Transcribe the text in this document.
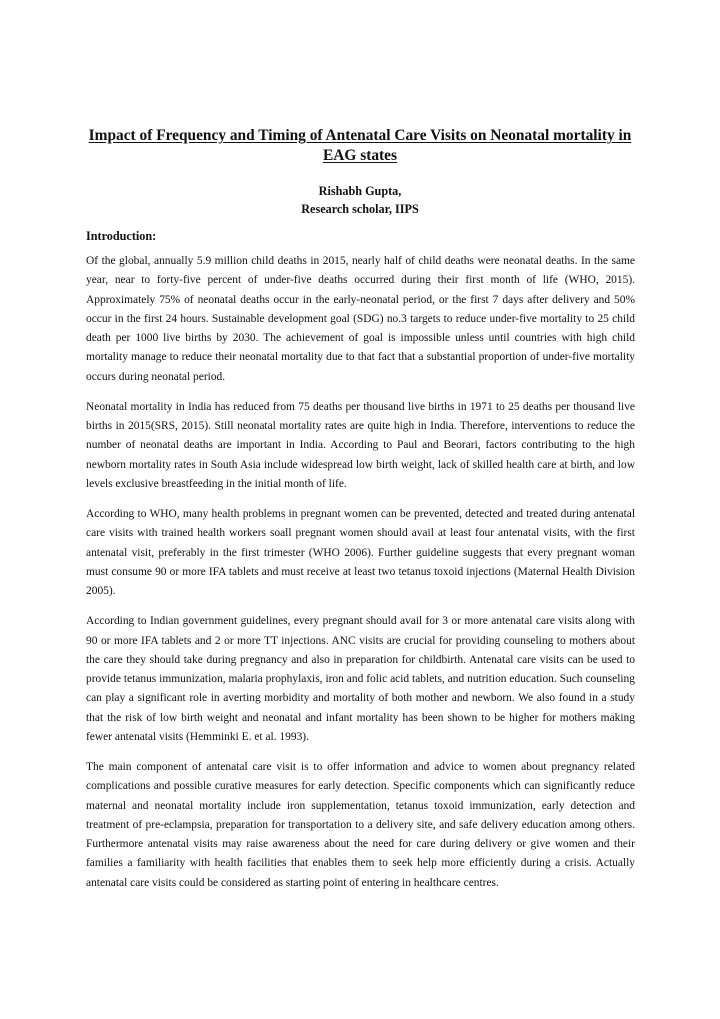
Impact of Frequency and Timing of Antenatal Care Visits on Neonatal mortality in EAG states
Rishabh Gupta,
Research scholar, IIPS
Introduction:

Of the global, annually 5.9 million child deaths in 2015, nearly half of child deaths were neonatal deaths. In the same year, near to forty-five percent of under-five deaths occurred during their first month of life (WHO, 2015). Approximately 75% of neonatal deaths occur in the early-neonatal period, or the first 7 days after delivery and 50% occur in the first 24 hours. Sustainable development goal (SDG) no.3 targets to reduce under-five mortality to 25 child death per 1000 live births by 2030. The achievement of goal is impossible unless until countries with high child mortality manage to reduce their neonatal mortality due to that fact that a substantial proportion of under-five mortality occurs during neonatal period.

Neonatal mortality in India has reduced from 75 deaths per thousand live births in 1971 to 25 deaths per thousand live births in 2015(SRS, 2015). Still neonatal mortality rates are quite high in India. Therefore, interventions to reduce the number of neonatal deaths are important in India. According to Paul and Beorari, factors contributing to the high newborn mortality rates in South Asia include widespread low birth weight, lack of skilled health care at birth, and low levels exclusive breastfeeding in the initial month of life.

According to WHO, many health problems in pregnant women can be prevented, detected and treated during antenatal care visits with trained health workers soall pregnant women should avail at least four antenatal visits, with the first antenatal visit, preferably in the first trimester (WHO 2006). Further guideline suggests that every pregnant woman must consume 90 or more IFA tablets and must receive at least two tetanus toxoid injections (Maternal Health Division 2005).

According to Indian government guidelines, every pregnant should avail for 3 or more antenatal care visits along with 90 or more IFA tablets and 2 or more TT injections. ANC visits are crucial for providing counseling to mothers about the care they should take during pregnancy and also in preparation for childbirth. Antenatal care visits can be used to provide tetanus immunization, malaria prophylaxis, iron and folic acid tablets, and nutrition education. Such counseling can play a significant role in averting morbidity and mortality of both mother and newborn. We also found in a study that the risk of low birth weight and neonatal and infant mortality has been shown to be higher for mothers making fewer antenatal visits (Hemminki E. et al. 1993).

The main component of antenatal care visit is to offer information and advice to women about pregnancy related complications and possible curative measures for early detection. Specific components which can significantly reduce maternal and neonatal mortality include iron supplementation, tetanus toxoid immunization, early detection and treatment of pre-eclampsia, preparation for transportation to a delivery site, and safe delivery education among others. Furthermore antenatal visits may raise awareness about the need for care during delivery or give women and their families a familiarity with health facilities that enables them to seek help more efficiently during a crisis. Actually antenatal care visits could be considered as starting point of entering in healthcare centres.
